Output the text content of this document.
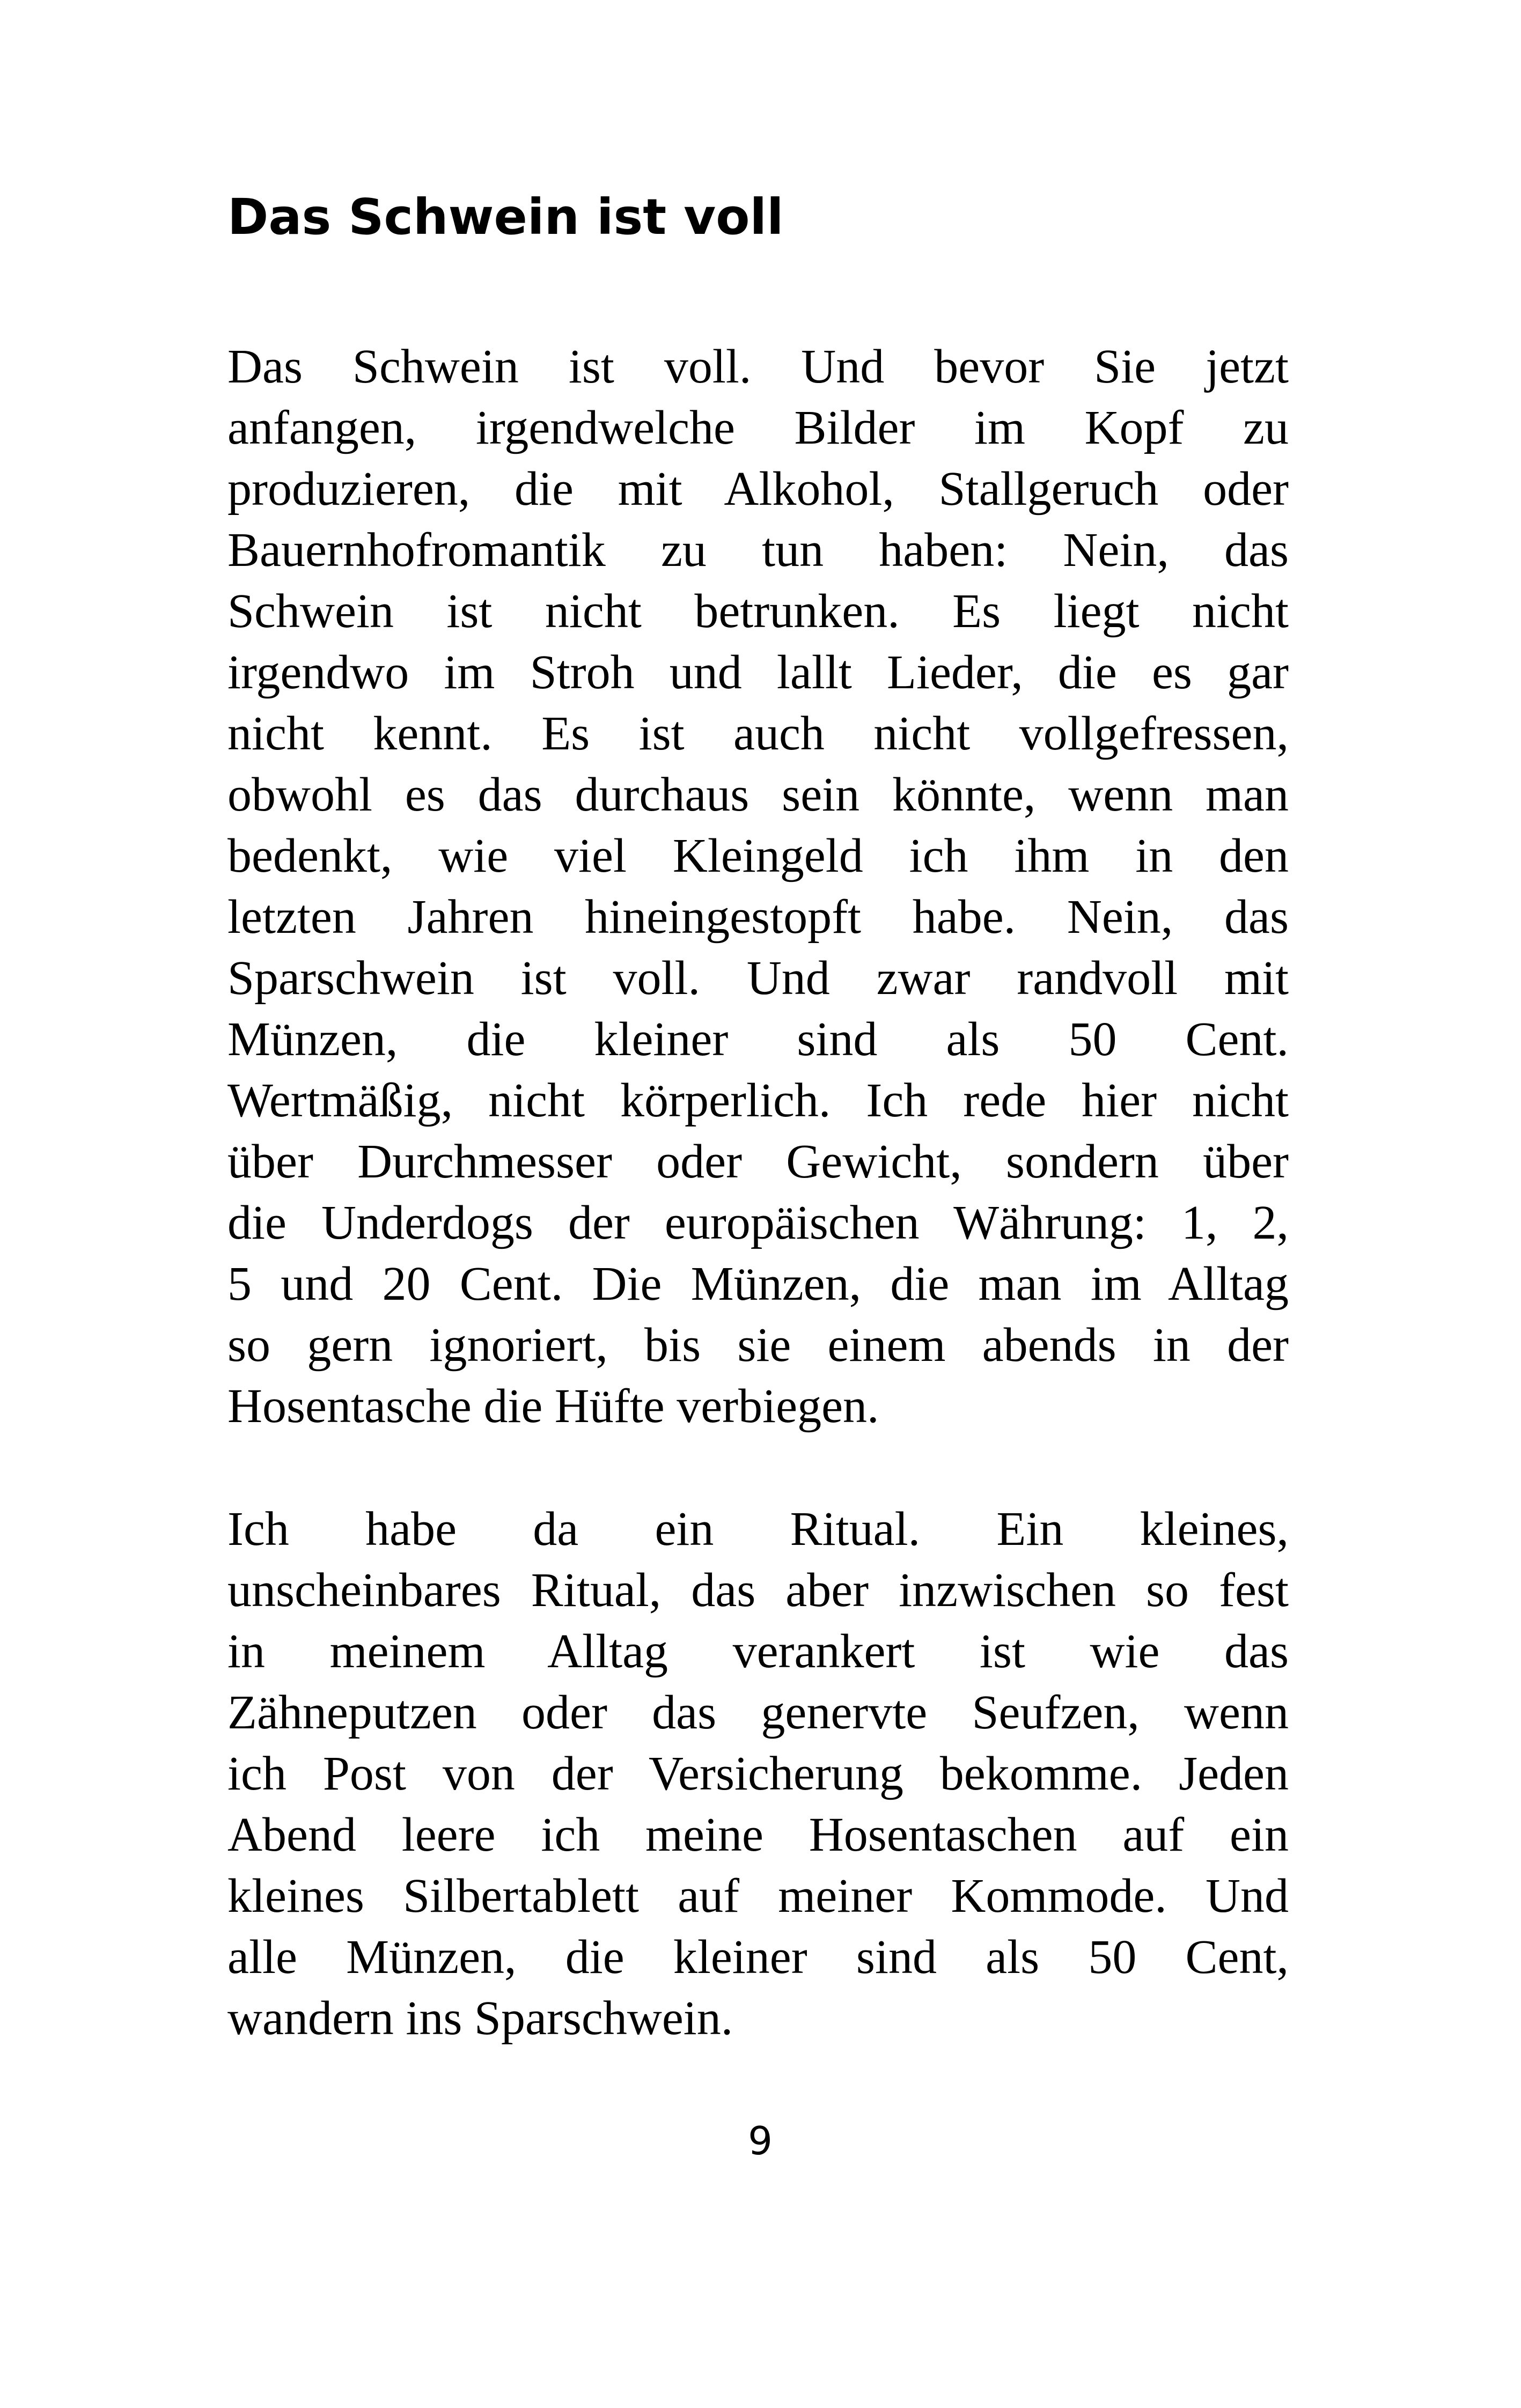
Das Schwein ist voll
Das Schwein ist voll. Und bevor Sie jetzt
anfangen, irgendwelche Bilder im Kopf zu
produzieren, die mit Alkohol, Stallgeruch oder
Bauernhofromantik zu tun haben: Nein, das
Schwein ist nicht betrunken. Es liegt nicht
irgendwo im Stroh und lallt Lieder, die es gar
nicht kennt. Es ist auch nicht vollgefressen,
obwohl es das durchaus sein könnte, wenn man
bedenkt, wie viel Kleingeld ich ihm in den
letzten Jahren hineingestopft habe. Nein, das
Sparschwein ist voll. Und zwar randvoll mit
Münzen, die kleiner sind als 50 Cent.
Wertmäßig, nicht körperlich. Ich rede hier nicht
über Durchmesser oder Gewicht, sondern über
die Underdogs der europäischen Währung: 1, 2,
5 und 20 Cent. Die Münzen, die man im Alltag
so gern ignoriert, bis sie einem abends in der
Hosentasche die Hüfte verbiegen.
Ich habe da ein Ritual. Ein kleines,
unscheinbares Ritual, das aber inzwischen so fest
in meinem Alltag verankert ist wie das
Zähneputzen oder das genervte Seufzen, wenn
ich Post von der Versicherung bekomme. Jeden
Abend leere ich meine Hosentaschen auf ein
kleines Silbertablett auf meiner Kommode. Und
alle Münzen, die kleiner sind als 50 Cent,
wandern ins Sparschwein.
9
